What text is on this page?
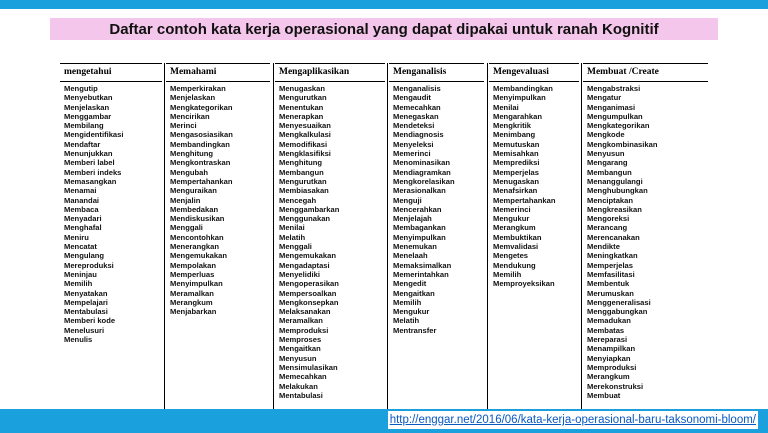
Daftar contoh kata kerja operasional yang dapat dipakai untuk ranah Kognitif
mengetahui
Mengutip
Menyebutkan
Menjelaskan
Menggambar
Membilang
Mengidentifikasi
Mendaftar
Menunjukkan
Memberi label
Memberi indeks
Memasangkan
Menamai
Manandai
Membaca
Menyadari
Menghafal
Meniru
Mencatat
Mengulang
Mereproduksi
Meninjau
Memilih
Menyatakan
Mempelajari
Mentabulasi
Memberi kode
Menelusuri
Menulis
Memahami
Memperkirakan
Menjelaskan
Mengkategorikan
Mencirikan
Merinci
Mengasosiasikan
Membandingkan
Menghitung
Mengkontraskan
Mengubah
Mempertahankan
Menguraikan
Menjalin
Membedakan
Mendiskusikan
Menggali
Mencontohkan
Menerangkan
Mengemukakan
Mempolakan
Memperluas
Menyimpulkan
Meramalkan
Merangkum
Menjabarkan
Mengaplikasikan
Menugaskan
Mengurutkan
Menentukan
Menerapkan
Menyesuaikan
Mengkalkulasi
Memodifikasi
Mengklasifiksi
Menghitung
Membangun
Mengurutkan
Membiasakan
Mencegah
Menggambarkan
Menggunakan
Menilai
Melatih
Menggali
Mengemukakan
Mengadaptasi
Menyelidiki
Mengoperasikan
Mempersoalkan
Mengkonsepkan
Melaksanakan
Meramalkan
Memproduksi
Memproses
Mengaitkan
Menyusun
Mensimulasikan
Memecahkan
Melakukan
Mentabulasi
Menganalisis
Menganalisis
Mengaudit
Memecahkan
Menegaskan
Mendeteksi
Mendiagnosis
Menyeleksi
Memerinci
Menominasikan
Mendiagramkan
Mengkorelasikan
Merasionalkan
Menguji
Mencerahkan
Menjelajah
Membagankan
Menyimpulkan
Menemukan
Menelaah
Memaksimalkan
Memerintahkan
Mengedit
Mengaitkan
Memilih
Mengukur
Melatih
Mentransfer
Mengevaluasi
Membandingkan
Menyimpulkan
Menilai
Mengarahkan
Mengkritik
Menimbang
Memutuskan
Memisahkan
Memprediksi
Memperjelas
Menugaskan
Menafsirkan
Mempertahankan
Memerinci
Mengukur
Merangkum
Membuktikan
Memvalidasi
Mengetes
Mendukung
Memilih
Memproyeksikan
Membuat /Create
Mengabstraksi
Mengatur
Menganimasi
Mengumpulkan
Mengkategorikan
Mengkode
Mengkombinasikan
Menyusun
Mengarang
Membangun
Menanggulangi
Menghubungkan
Menciptakan
Mengkreasikan
Mengoreksi
Merancang
Merencanakan
Mendikte
Meningkatkan
Memperjelas
Memfasilitasi
Membentuk
Merumuskan
Menggeneralisasi
Menggabungkan
Memadukan
Membatas
Mereparasi
Menampilkan
Menyiapkan
Memproduksi
Merangkum
Merekonstruksi
Membuat
http://enggar.net/2016/06/kata-kerja-operasional-baru-taksonomi-bloom/
